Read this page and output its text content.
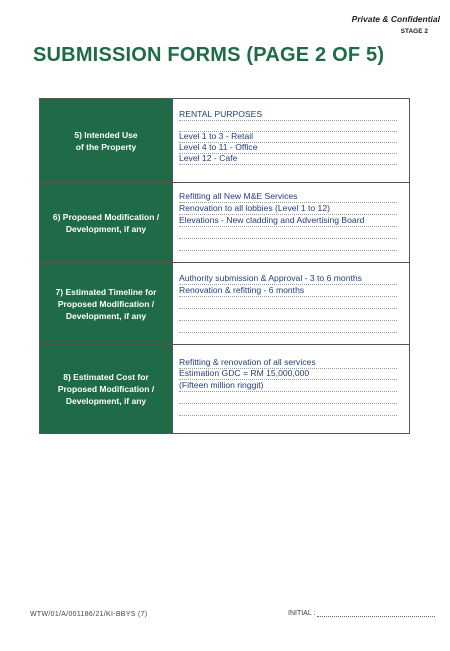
Private & Confidential
STAGE 2
SUBMISSION FORMS (PAGE 2 OF 5)
5) Intended Use
of the Property
RENTAL PURPOSES
Level 1 to 3 - Retail
Level 4 to 11 - Office
Level 12 - Cafe
6) Proposed Modification /
Development, if any
Refitting all New M&E Services
Renovation to all lobbies (Level 1 to 12)
Elevations - New cladding and Advertising Board
7) Estimated Timeline for
Proposed Modification /
Development, if any
Authority submission & Approval - 3 to 6 months
Renovation & refitting - 6 months
8) Estimated Cost for
Proposed Modification /
Development, if any
Refitting & renovation of all services
Estimation GDC = RM 15,000,000
(Fifteen million ringgit)
WTW/01/A/001186/21/KI-BBYS (7)	INITIAL :
